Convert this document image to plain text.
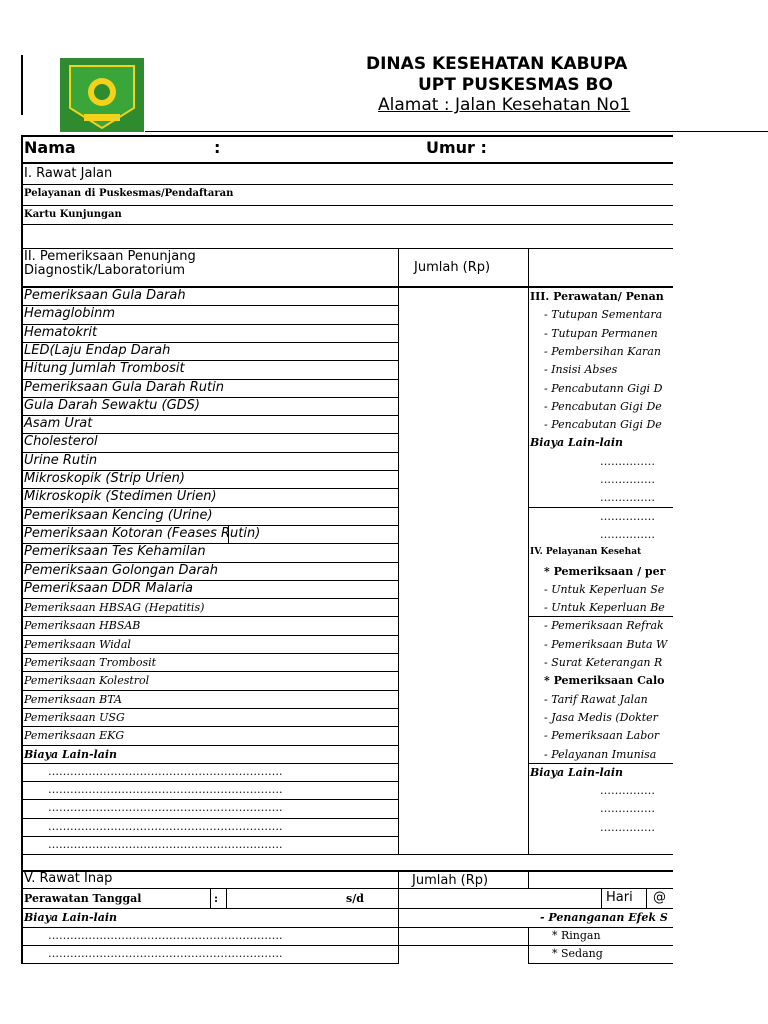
DINAS KESEHATAN KABUPA
UPT PUSKESMAS BO
Alamat : Jalan Kesehatan No1
Nama	:	Umur :
I. Rawat Jalan
Pelayanan di Puskesmas/Pendaftaran
Kartu Kunjungan
II. Pemeriksaan Penunjang
Diagnostik/Laboratorium	Jumlah (Rp)
Pemeriksaan Gula Darah
Hemaglobinm
Hematokrit
LED(Laju Endap Darah
Hitung Jumlah Trombosit
Pemeriksaan Gula Darah Rutin
Gula Darah Sewaktu (GDS)
Asam Urat
Cholesterol
Urine Rutin
Mikroskopik (Strip Urien)
Mikroskopik (Stedimen Urien)
Pemeriksaan Kencing (Urine)
Pemeriksaan Kotoran (Feases Rutin)
Pemeriksaan Tes Kehamilan
Pemeriksaan Golongan Darah
Pemeriksaan DDR Malaria
Pemeriksaan HBSAG (Hepatitis)
Pemeriksaan HBSAB
Pemeriksaan Widal
Pemeriksaan Trombosit
Pemeriksaan Kolestrol
Pemeriksaan BTA
Pemeriksaan USG
Pemeriksaan EKG
Biaya Lain-lain
……………………………………………………….
……………………………………………………….
……………………………………………………….
……………………………………………………….
……………………………………………………….
III. Perawatan/ Penan
- Tutupan Sementara
- Tutupan Permanen
- Pembersihan Karan
- Insisi Abses
- Pencabutann Gigi D
- Pencabutan Gigi De
- Pencabutan Gigi De
Biaya Lain-lain
……………
……………
……………
……………
……………
IV. Pelayanan Kesehat
* Pemeriksaan / per
- Untuk Keperluan Se
- Untuk Keperluan Be
- Pemeriksaan Refrak
- Pemeriksaan Buta W
- Surat Keterangan R
* Pemeriksaan Calo
- Tarif Rawat Jalan
- Jasa Medis (Dokter
- Pemeriksaan Labor
- Pelayanan Imunisa
Biaya Lain-lain
……………
……………
……………
V. Rawat Inap	Jumlah (Rp)
Perawatan Tanggal	:	s/d	Hari @
Biaya Lain-lain	- Penanganan Efek S
……………………………………………………….	* Ringan
……………………………………………………….	* Sedang
